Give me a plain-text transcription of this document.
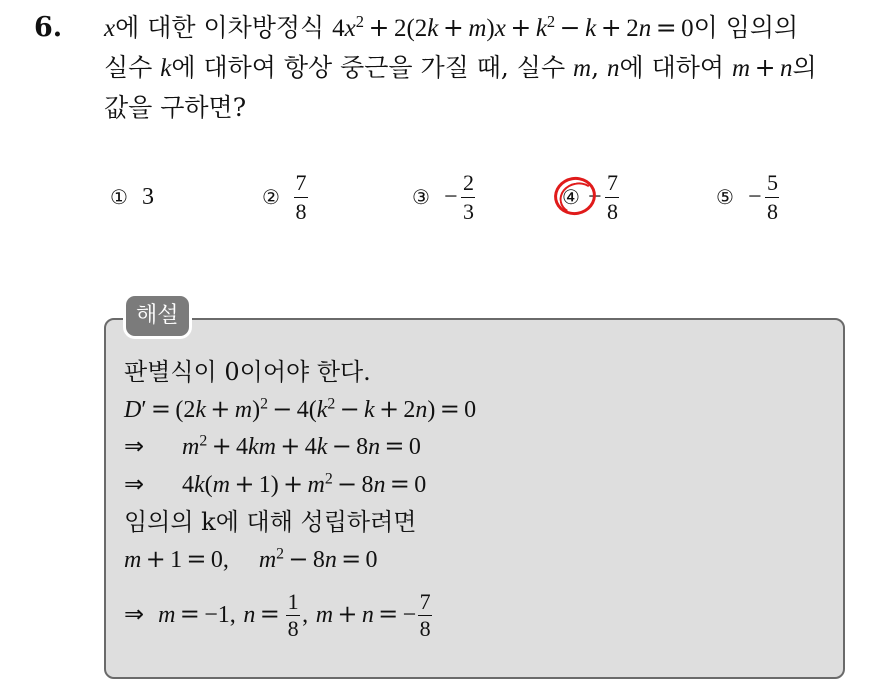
6. x에 대한 이차방정식 $4x^2 + 2(2k + m)x + k^2 - k + 2n = 0$이 임의의
실수 k에 대하여 항상 중근을 가질 때, 실수 m, n에 대하여 m + n의
값을 구하면?
① 3	② $\frac{7}{8}$	③ − $\frac{2}{3}$	④ − $\frac{7}{8}$	⑤ − $\frac{5}{8}$
해설
판별식이 0이어야 한다.
$D' = (2k + m)^2 - 4(k^2 - k + 2n) = 0$
⇒ $m^2 + 4km + 4k - 8n = 0$
⇒ $4k(m + 1) + m^2 - 8n = 0$
임의의 k에 대해 성립하려면
m + 1 = 0, $m^2 - 8n = 0$
⇒ m = −1, $n = \frac{1}{8}$ , m + n = − $\frac{7}{8}$
